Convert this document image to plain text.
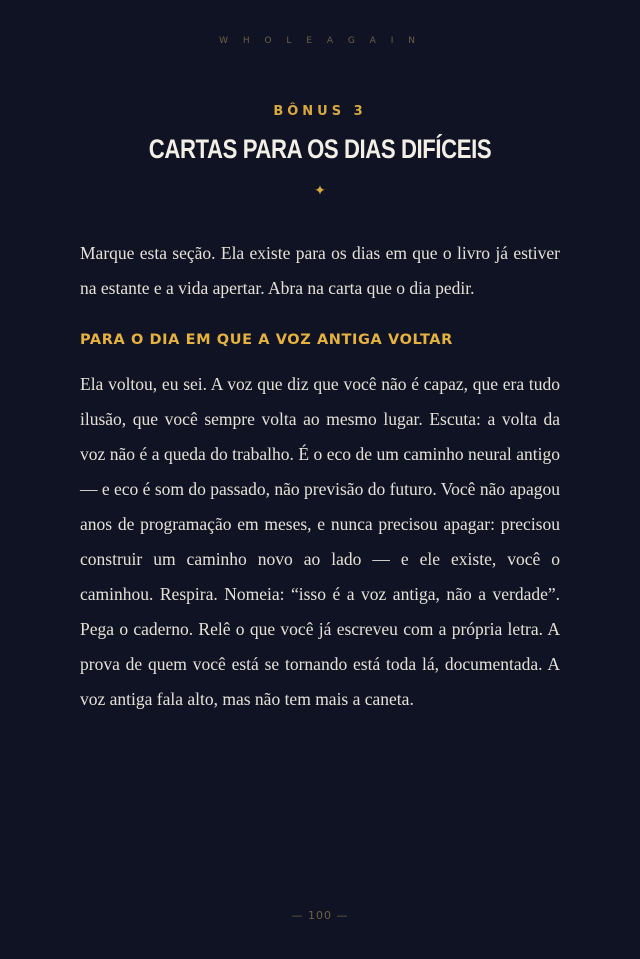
W H O L E A G A I N
BÔNUS 3
CARTAS PARA OS DIAS DIFÍCEIS
✦

Marque esta seção. Ela existe para os dias em que o livro já estiver na estante e a vida apertar. Abra na carta que o dia pedir.

PARA O DIA EM QUE A VOZ ANTIGA VOLTAR

Ela voltou, eu sei. A voz que diz que você não é capaz, que era tudo ilusão, que você sempre volta ao mesmo lugar. Escuta: a volta da voz não é a queda do trabalho. É o eco de um caminho neural antigo — e eco é som do passado, não previsão do futuro. Você não apagou anos de programação em meses, e nunca precisou apagar: precisou construir um caminho novo ao lado — e ele existe, você o caminhou. Respira. Nomeia: “isso é a voz antiga, não a verdade”. Pega o caderno. Relê o que você já escreveu com a própria letra. A prova de quem você está se tornando está toda lá, documentada. A voz antiga fala alto, mas não tem mais a caneta.

— 100 —
